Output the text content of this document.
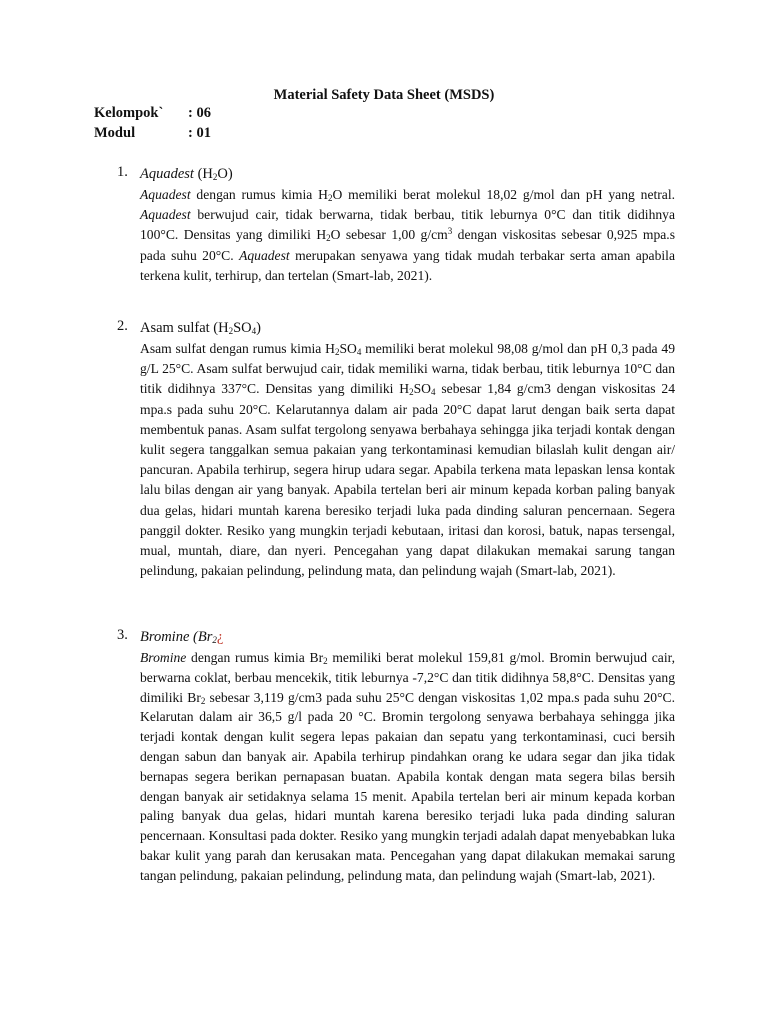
Material Safety Data Sheet (MSDS)
Kelompok` : 06
Modul	: 01
1. Aquadest $(H_2O)$
Aquadest dengan rumus kimia $H_2O$ memiliki berat molekul 18,02 g/mol dan pH yang netral. Aquadest berwujud cair, tidak berwarna, tidak berbau, titik leburnya 0°C dan titik didihnya 100°C. Densitas yang dimiliki $H_2O$ sebesar 1,00 $g/cm^3$ dengan viskositas sebesar 0,925 mpa.s pada suhu 20°C. Aquadest merupakan senyawa yang tidak mudah terbakar serta aman apabila terkena kulit, terhirup, dan tertelan (Smart-lab, 2021).
2. Asam sulfat $(H_2SO_4)$
Asam sulfat dengan rumus kimia $H_2SO_4$ memiliki berat molekul 98,08 g/mol dan pH 0,3 pada 49 g/L 25°C. Asam sulfat berwujud cair, tidak memiliki warna, tidak berbau, titik leburnya 10°C dan titik didihnya 337°C. Densitas yang dimiliki $H_2SO_4$ sebesar 1,84 g/cm3 dengan viskositas 24 mpa.s pada suhu 20°C. Kelarutannya dalam air pada 20°C dapat larut dengan baik serta dapat membentuk panas. Asam sulfat tergolong senyawa berbahaya sehingga jika terjadi kontak dengan kulit segera tanggalkan semua pakaian yang terkontaminasi kemudian bilaslah kulit dengan air/ pancuran. Apabila terhirup, segera hirup udara segar. Apabila terkena mata lepaskan lensa kontak lalu bilas dengan air yang banyak. Apabila tertelan beri air minum kepada korban paling banyak dua gelas, hidari muntah karena beresiko terjadi luka pada dinding saluran pencernaan. Segera panggil dokter. Resiko yang mungkin terjadi kebutaan, iritasi dan korosi, batuk, napas tersengal, mual, muntah, diare, dan nyeri. Pencegahan yang dapat dilakukan memakai sarung tangan pelindung, pakaian pelindung, pelindung mata, dan pelindung wajah (Smart-lab, 2021).
3. Bromine ($Br_2¿$
Bromine dengan rumus kimia $Br_2$ memiliki berat molekul 159,81 g/mol. Bromin berwujud cair, berwarna coklat, berbau mencekik, titik leburnya -7,2°C dan titik didihnya 58,8°C. Densitas yang dimiliki $Br_2$ sebesar 3,119 g/cm3 pada suhu 25°C dengan viskositas 1,02 mpa.s pada suhu 20°C. Kelarutan dalam air 36,5 g/l pada 20 °C. Bromin tergolong senyawa berbahaya sehingga jika terjadi kontak dengan kulit segera lepas pakaian dan sepatu yang terkontaminasi, cuci bersih dengan sabun dan banyak air. Apabila terhirup pindahkan orang ke udara segar dan jika tidak bernapas segera berikan pernapasan buatan. Apabila kontak dengan mata segera bilas bersih dengan banyak air setidaknya selama 15 menit. Apabila tertelan beri air minum kepada korban paling banyak dua gelas, hidari muntah karena beresiko terjadi luka pada dinding saluran pencernaan. Konsultasi pada dokter. Resiko yang mungkin terjadi adalah dapat menyebabkan luka bakar kulit yang parah dan kerusakan mata. Pencegahan yang dapat dilakukan memakai sarung tangan pelindung, pakaian pelindung, pelindung mata, dan pelindung wajah (Smart-lab, 2021).
